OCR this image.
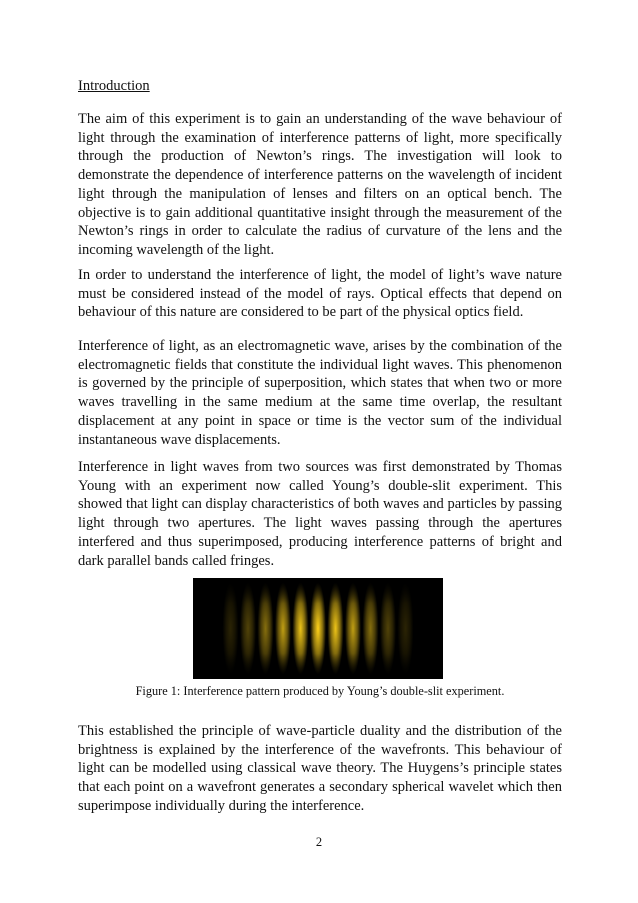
Introduction

The aim of this experiment is to gain an understanding of the wave behaviour of light through the examination of interference patterns of light, more specifically through the production of Newton’s rings. The investigation will look to demonstrate the dependence of interference patterns on the wavelength of incident light through the manipulation of lenses and filters on an optical bench. The objective is to gain additional quantitative insight through the measurement of the Newton’s rings in order to calculate the radius of curvature of the lens and the incoming wavelength of the light.

In order to understand the interference of light, the model of light’s wave nature must be considered instead of the model of rays. Optical effects that depend on behaviour of this nature are considered to be part of the physical optics field.

Interference of light, as an electromagnetic wave, arises by the combination of the electromagnetic fields that constitute the individual light waves. This phenomenon is governed by the principle of superposition, which states that when two or more waves travelling in the same medium at the same time overlap, the resultant displacement at any point in space or time is the vector sum of the individual instantaneous wave displacements.

Interference in light waves from two sources was first demonstrated by Thomas Young with an experiment now called Young’s double-slit experiment. This showed that light can display characteristics of both waves and particles by passing light through two apertures. The light waves passing through the apertures interfered and thus superimposed, producing interference patterns of bright and dark parallel bands called fringes.

Figure 1: Interference pattern produced by Young’s double-slit experiment.

This established the principle of wave-particle duality and the distribution of the brightness is explained by the interference of the wavefronts. This behaviour of light can be modelled using classical wave theory. The Huygens’s principle states that each point on a wavefront generates a secondary spherical wavelet which then superimpose individually during the interference.

2
